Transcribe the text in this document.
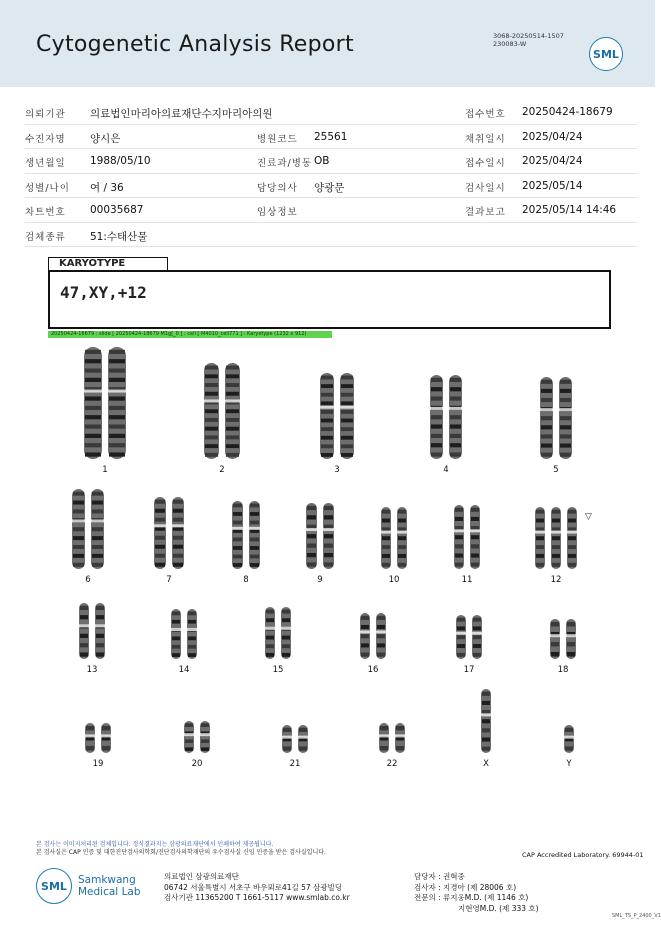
Cytogenetic Analysis Report	3068-20250514-1507
230083-W
SML
의뢰기관 의료법인마리아의료재단수지마리아의원	접수번호 20250424-18679
수진자명 양시은	병원코드 25561	채취일시 2025/04/24
생년월일 1988/05/10	진료과/병동 OB	접수일시 2025/04/24
성별/나이 여 / 36	담당의사 양광문	검사일시 2025/05/14
차트번호 00035687	임상정보	결과보고 2025/05/14 14:46
검체종류 51:수태산물
KARYOTYPE
47,XY,+12
20250424-18679 : slide [ 20250424-18679 M1g[_0 ] : cell [ M4010_cell771 ] : Karyotype (1232 x 912)
1	2	3	4	5
6	7	8	9	10	11	12
13	14	15	16	17	18
19	20	21	22	X	Y
▽
본 검사는 이미지처리된 검체입니다. 정식결과지는 삼광의료재단에서 인쇄하여 제공됩니다.
본 검사실은 CAP 인증 및 대한진단검사의학회/진단검사의학재단의 우수검사실 신임 인증을 받은 검사실입니다.	CAP Accredited Laboratory. 69944-01
SML	Samkwang
Medical Lab
의료법인 삼광의료재단
06742 서울특별시 서초구 바우뫼로41길 57 삼광빌딩
검사기관 11365200 T 1661-5117 www.smlab.co.kr
담당자 : 권혁중
검사자 : 지경아 (제 28006 호)
전문의 : 류지웅M.D. (제 1146 호)
지현영M.D. (제 333 호)
SML_TS_P_2400_V1
